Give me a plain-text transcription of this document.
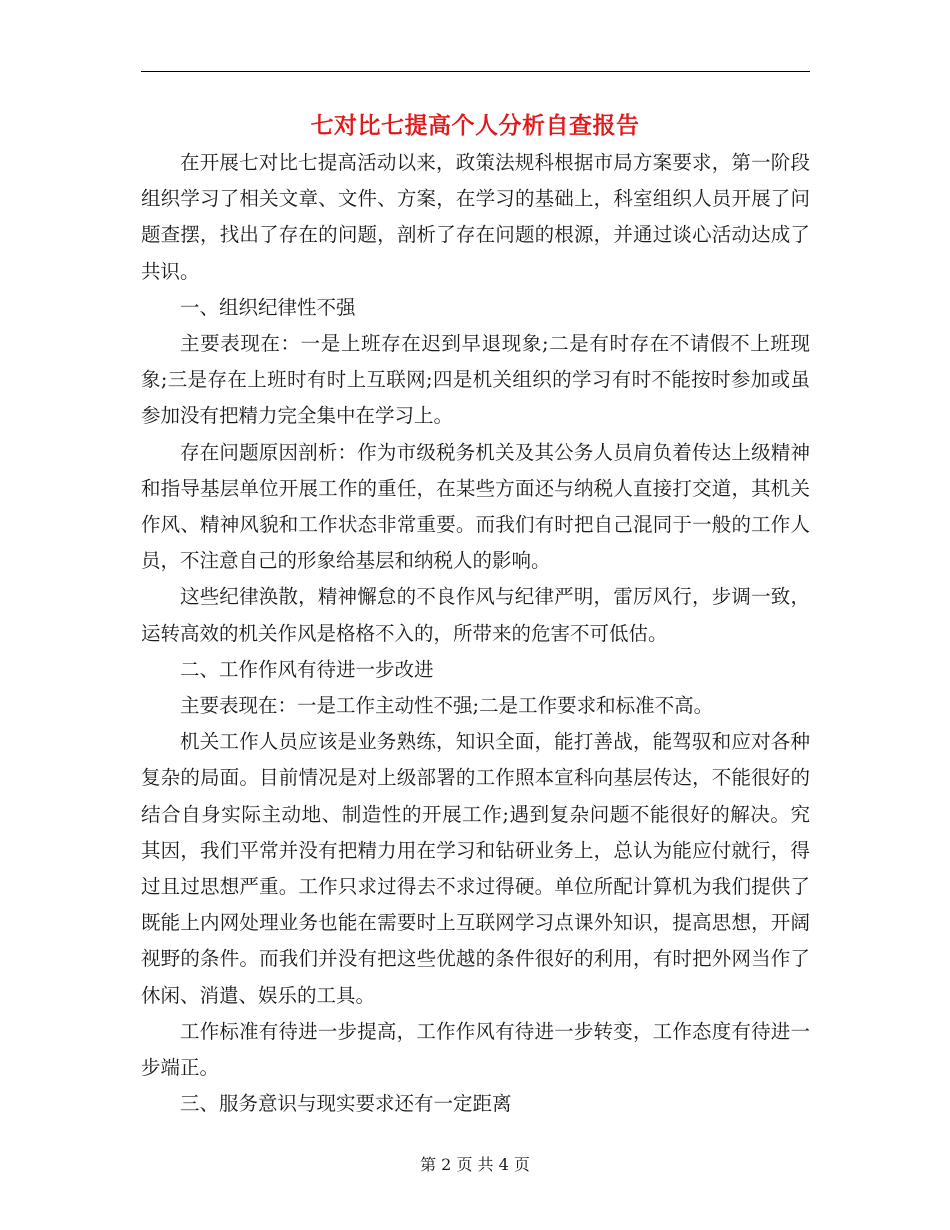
七对比七提高个人分析自查报告

在开展七对比七提高活动以来，政策法规科根据市局方案要求，第一阶段组织学习了相关文章、文件、方案，在学习的基础上，科室组织人员开展了问题查摆，找出了存在的问题，剖析了存在问题的根源，并通过谈心活动达成了共识。

一、组织纪律性不强

主要表现在：一是上班存在迟到早退现象;二是有时存在不请假不上班现象;三是存在上班时有时上互联网;四是机关组织的学习有时不能按时参加或虽参加没有把精力完全集中在学习上。

存在问题原因剖析：作为市级税务机关及其公务人员肩负着传达上级精神和指导基层单位开展工作的重任，在某些方面还与纳税人直接打交道，其机关作风、精神风貌和工作状态非常重要。而我们有时把自己混同于一般的工作人员，不注意自己的形象给基层和纳税人的影响。

这些纪律涣散，精神懈怠的不良作风与纪律严明，雷厉风行，步调一致，运转高效的机关作风是格格不入的，所带来的危害不可低估。

二、工作作风有待进一步改进

主要表现在：一是工作主动性不强;二是工作要求和标准不高。

机关工作人员应该是业务熟练，知识全面，能打善战，能驾驭和应对各种复杂的局面。目前情况是对上级部署的工作照本宣科向基层传达，不能很好的结合自身实际主动地、制造性的开展工作;遇到复杂问题不能很好的解决。究其因，我们平常并没有把精力用在学习和钻研业务上，总认为能应付就行，得过且过思想严重。工作只求过得去不求过得硬。单位所配计算机为我们提供了既能上内网处理业务也能在需要时上互联网学习点课外知识，提高思想，开阔视野的条件。而我们并没有把这些优越的条件很好的利用，有时把外网当作了休闲、消遣、娱乐的工具。

工作标准有待进一步提高，工作作风有待进一步转变，工作态度有待进一步端正。

三、服务意识与现实要求还有一定距离

第 2 页 共 4 页
